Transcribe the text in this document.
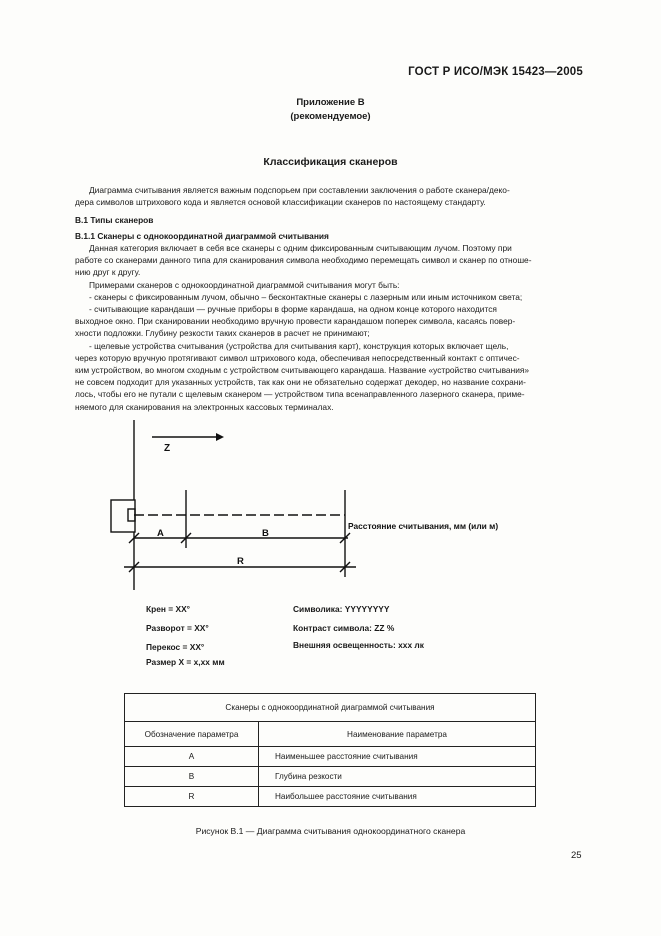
ГОСТ Р ИСО/МЭК 15423—2005
Приложение В
(рекомендуемое)
Классификация сканеров

Диаграмма считывания является важным подспорьем при составлении заключения о работе сканера/деко-

дера символов штрихового кода и является основой классификации сканеров по настоящему стандарту.

В.1 Типы сканеров
В.1.1 Сканеры с однокоординатной диаграммой считывания

Данная категория включает в себя все сканеры с одним фиксированным считывающим лучом. Поэтому при

работе со сканерами данного типа для сканирования символа необходимо перемещать символ и сканер по отноше-

нию друг к другу.

Примерами сканеров с однокоординатной диаграммой считывания могут быть:

- сканеры с фиксированным лучом, обычно – бесконтактные сканеры с лазерным или иным источником света;

- считывающие карандаши — ручные приборы в форме карандаша, на одном конце которого находится

выходное окно. При сканировании необходимо вручную провести карандашом поперек символа, касаясь повер-

хности подложки. Глубину резкости таких сканеров в расчет не принимают;

- щелевые устройства считывания (устройства для считывания карт), конструкция которых включает щель,

через которую вручную протягивают символ штрихового кода, обеспечивая непосредственный контакт с оптичес-

ким устройством, во многом сходным с устройством считывающего карандаша. Название «устройство считывания»

не совсем подходит для указанных устройств, так как они не обязательно содержат декодер, но название сохрани-

лось, чтобы его не путали с щелевым сканером — устройством типа всенаправленного лазерного сканера, приме-

няемого для сканирования на электронных кассовых терминалах.

Z
A	B
R
Расстояние считывания, мм (или м)
Крен = XX°
Разворот = XX°
Перекос = XX°
Размер X = х,хх мм
Символика: YYYYYYYY
Контраст символа: ZZ %
Внешняя освещенность: ххх лк
Сканеры с однокоординатной диаграммой считывания	
Обозначение параметра	Наименование параметра
A	Наименьшее расстояние считывания
B	Глубина резкости
R	Наибольшее расстояние считывания
Рисунок В.1 — Диаграмма считывания однокоординатного сканера
25
